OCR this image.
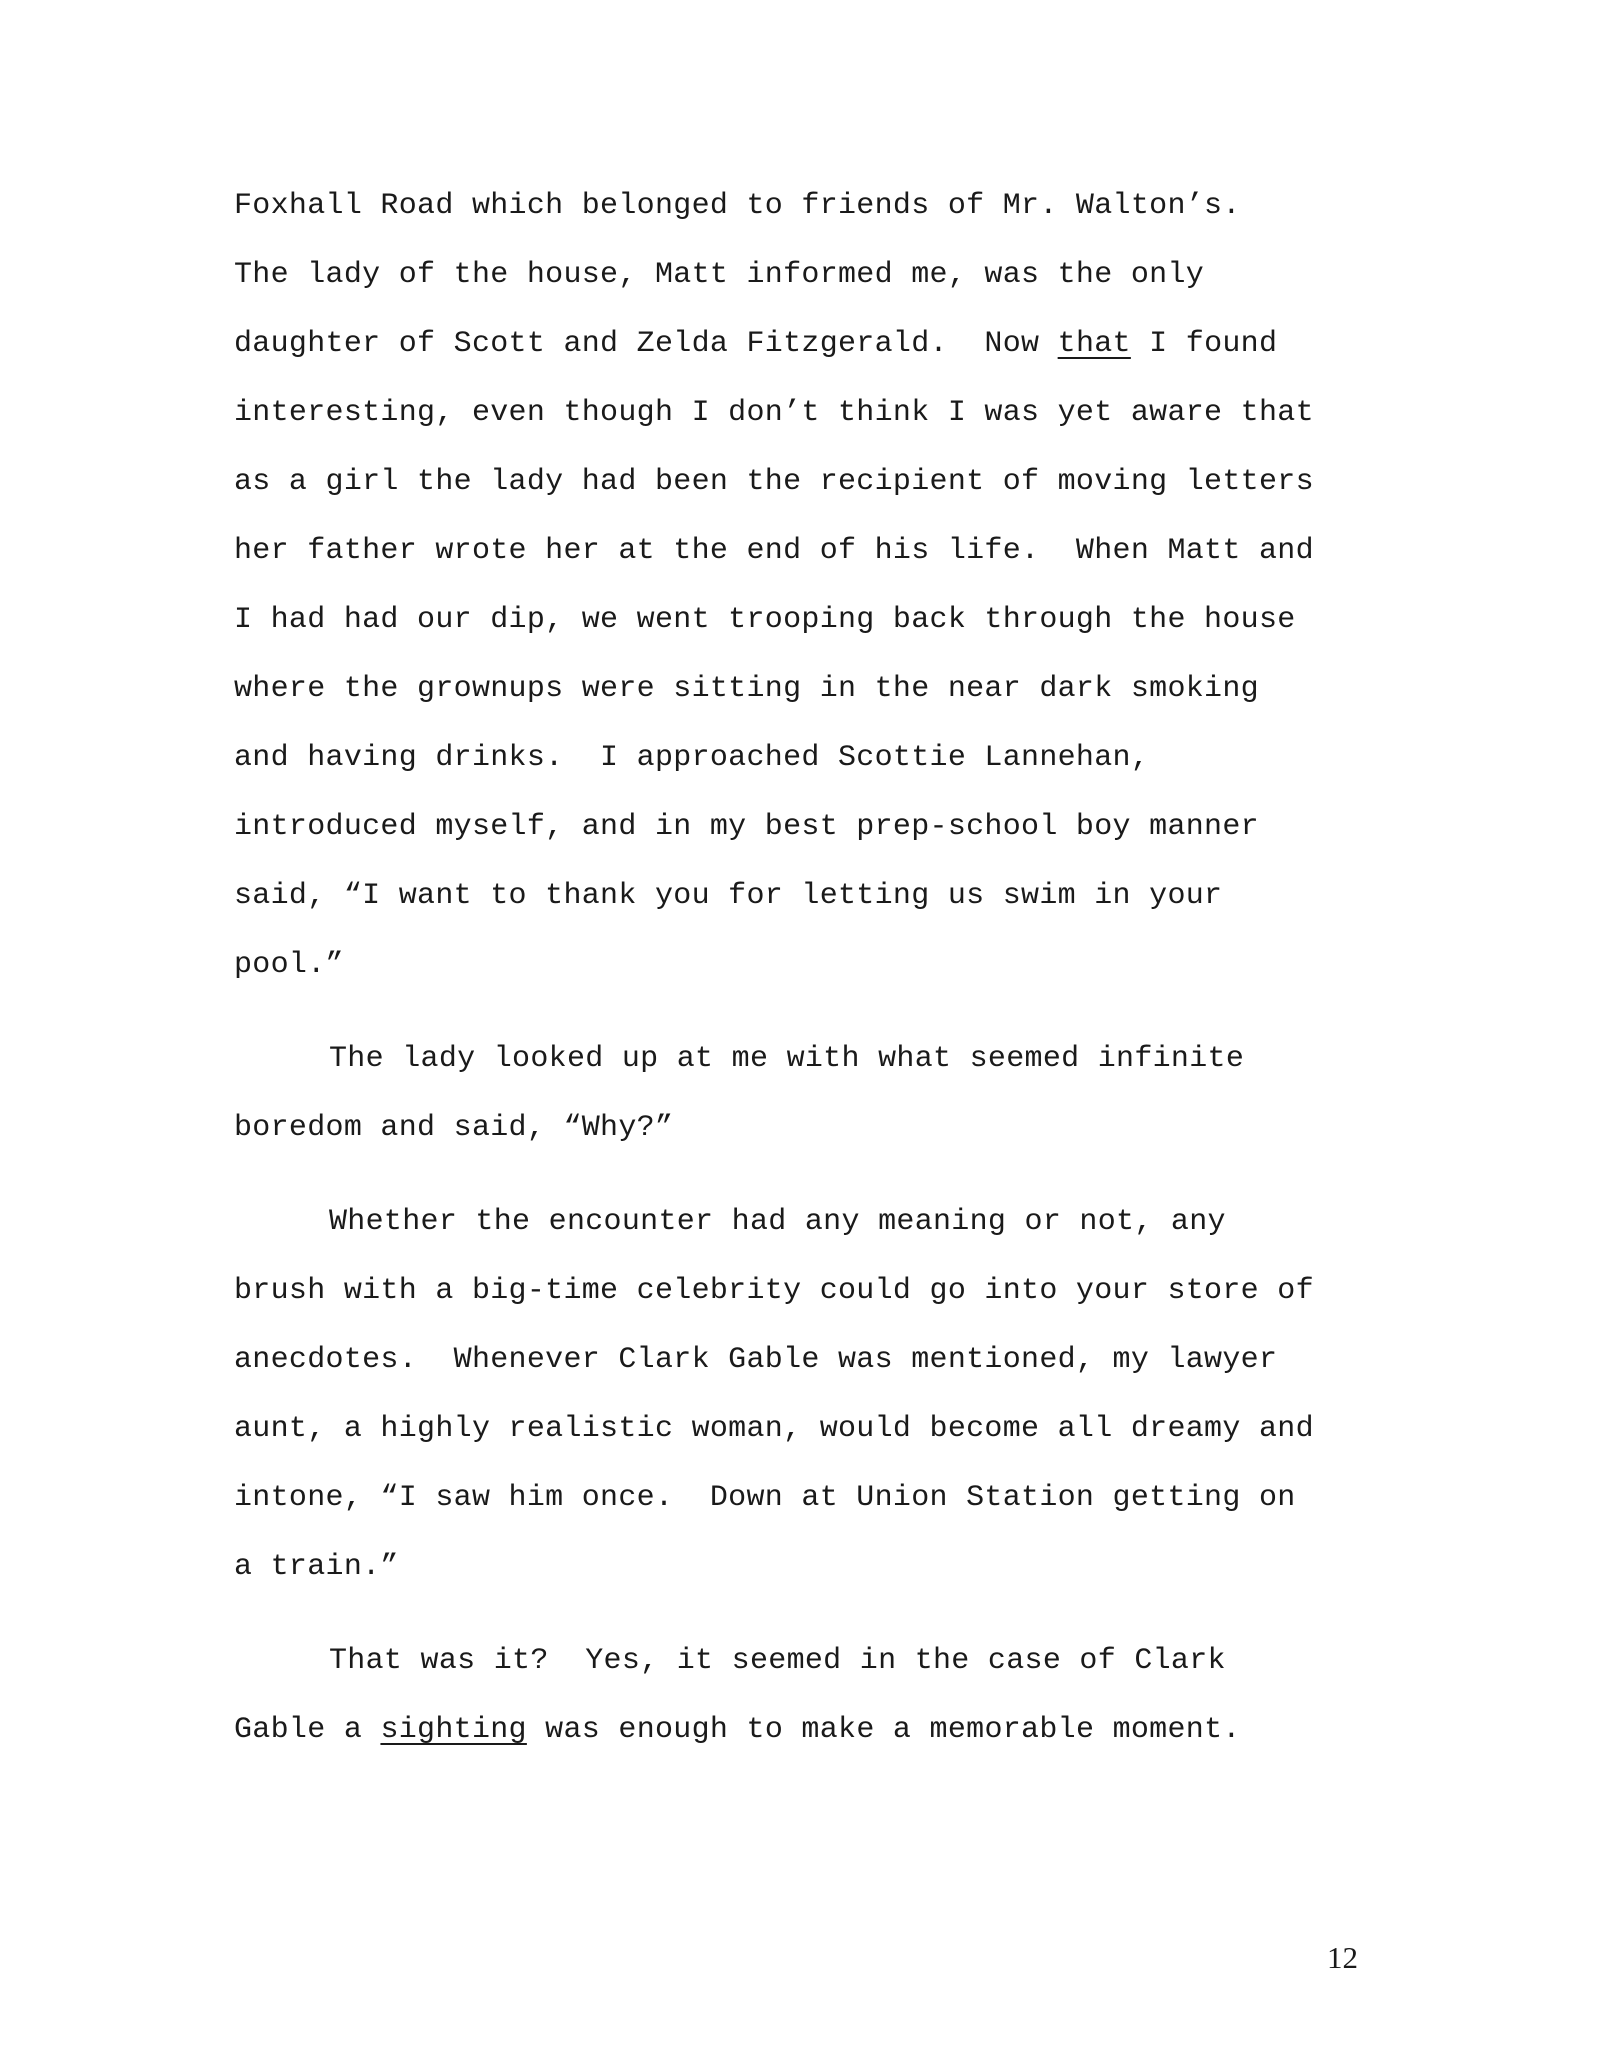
Foxhall Road which belonged to friends of Mr. Walton’s.
The lady of the house, Matt informed me, was the only
daughter of Scott and Zelda Fitzgerald.  Now that I found
interesting, even though I don’t think I was yet aware that
as a girl the lady had been the recipient of moving letters
her father wrote her at the end of his life.  When Matt and
I had had our dip, we went trooping back through the house
where the grownups were sitting in the near dark smoking
and having drinks.  I approached Scottie Lannehan,
introduced myself, and in my best prep-school boy manner
said, “I want to thank you for letting us swim in your
pool.”
The lady looked up at me with what seemed infinite
boredom and said, “Why?”
Whether the encounter had any meaning or not, any
brush with a big-time celebrity could go into your store of
anecdotes.  Whenever Clark Gable was mentioned, my lawyer
aunt, a highly realistic woman, would become all dreamy and
intone, “I saw him once.  Down at Union Station getting on
a train.”
That was it?  Yes, it seemed in the case of Clark
Gable a sighting was enough to make a memorable moment.
12
